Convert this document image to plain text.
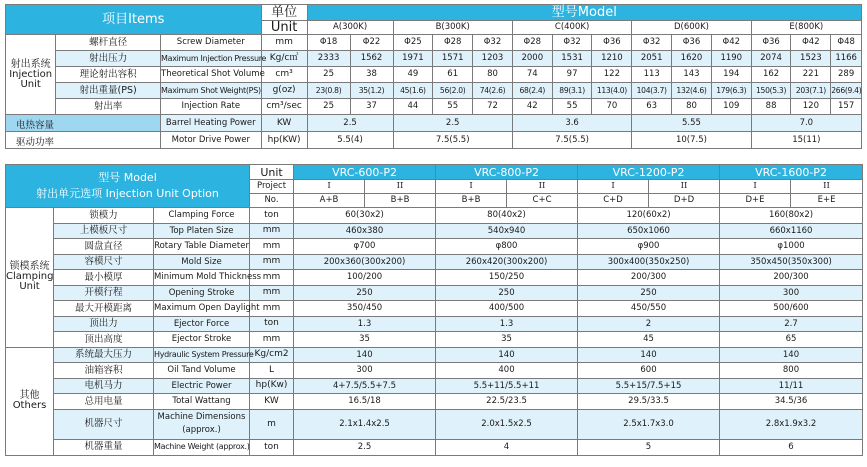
项目Items			单位	型号Model													
			Unit	A(300K)		B(300K)			C(400K)			D(600K)			E(800K)		

射出系统
Injection
Unit	螺杆直径	Screw Diameter	mm	Φ18	Φ22	Φ25	Φ28	Φ32	Φ28	Φ32	Φ36	Φ32	Φ36	Φ42	Φ36	Φ42	Φ48
	射出压力	Maximum Injection Pressure	Kg/c㎡	2333	1562	1971	1571	1203	2000	1531	1210	2051	1620	1190	2074	1523	1166
	理论射出容积	Theoretical Shot Volume	cm³	25	38	49	61	80	74	97	122	113	143	194	162	221	289
	射出重量(PS)	Maximum Shot Weight(PS)	g(oz)	23(0.8)	35(1.2)	45(1.6)	56(2.0)	74(2.6)	68(2.4)	89(3.1)	113(4.0)	104(3.7)	132(4.6)	179(6.3)	150(5.3)	203(7.1)	266(9.4)
	射出率	Injection Rate	cm³/sec	25	37	44	55	72	42	55	70	63	80	109	88	120	157
电热容量		Barrel Heating Power	KW	2.5		2.5			3.6			5.55			7.0		
驱动功率		Motor Drive Power	hp(KW)	5.5(4)		7.5(5.5)			7.5(5.5)			10(7.5)			15(11)		
型号 Model
射出单元选项 Injection Unit Option			Unit	VRC-600-P2		VRC-800-P2		VRC-1200-P2		VRC-1600-P2	
			Project	I	II	I	II	I	II	I	II
			No.	A+B	B+B	B+B	C+C	C+D	D+D	D+E	E+E

锁模系统
Clamping
Unit	锁模力	Clamping Force	ton	60(30x2)		80(40x2)		120(60x2)		160(80x2)	
	上模板尺寸	Top Platen Size	mm	460x380		540x940		650x1060		660x1160	
	圆盘直径	Rotary Table Diameter	mm	φ700		φ800		φ900		φ1000	
	容模尺寸	Mold Size	mm	200x360(300x200)		260x420(300x200)		300x400(350x250)		350x450(350x300)	
	最小模厚	Minimum Mold Thickness	mm	100/200		150/250		200/300		200/300	
	开模行程	Opening Stroke	mm	250		250		250		300	
	最大开模距离	Maximum Open Daylight	mm	350/450		400/500		450/550		500/600	
	顶出力	Ejector Force	ton	1.3		1.3		2		2.7	
	顶出高度	Ejector Stroke	mm	35		35		45		65	

其他
Others	系统最大压力	Hydraulic System Pressure	Kg/cm2	140		140		140		140	
	油箱容积	Oil Tand Volume	L	300		400		600		800	
	电机马力	Electric Power	hp(Kw)	4+7.5/5.5+7.5		5.5+11/5.5+11		5.5+15/7.5+15		11/11	
	总用电量	Total Wattang	KW	16.5/18		22.5/23.5		29.5/33.5		34.5/36	
	机器尺寸	Machine Dimensions
(approx.)	m	2.1x1.4x2.5		2.0x1.5x2.5		2.5x1.7x3.0		2.8x1.9x3.2	
	机器重量	Machine Weight (approx.)	ton	2.5		4		5		6	
